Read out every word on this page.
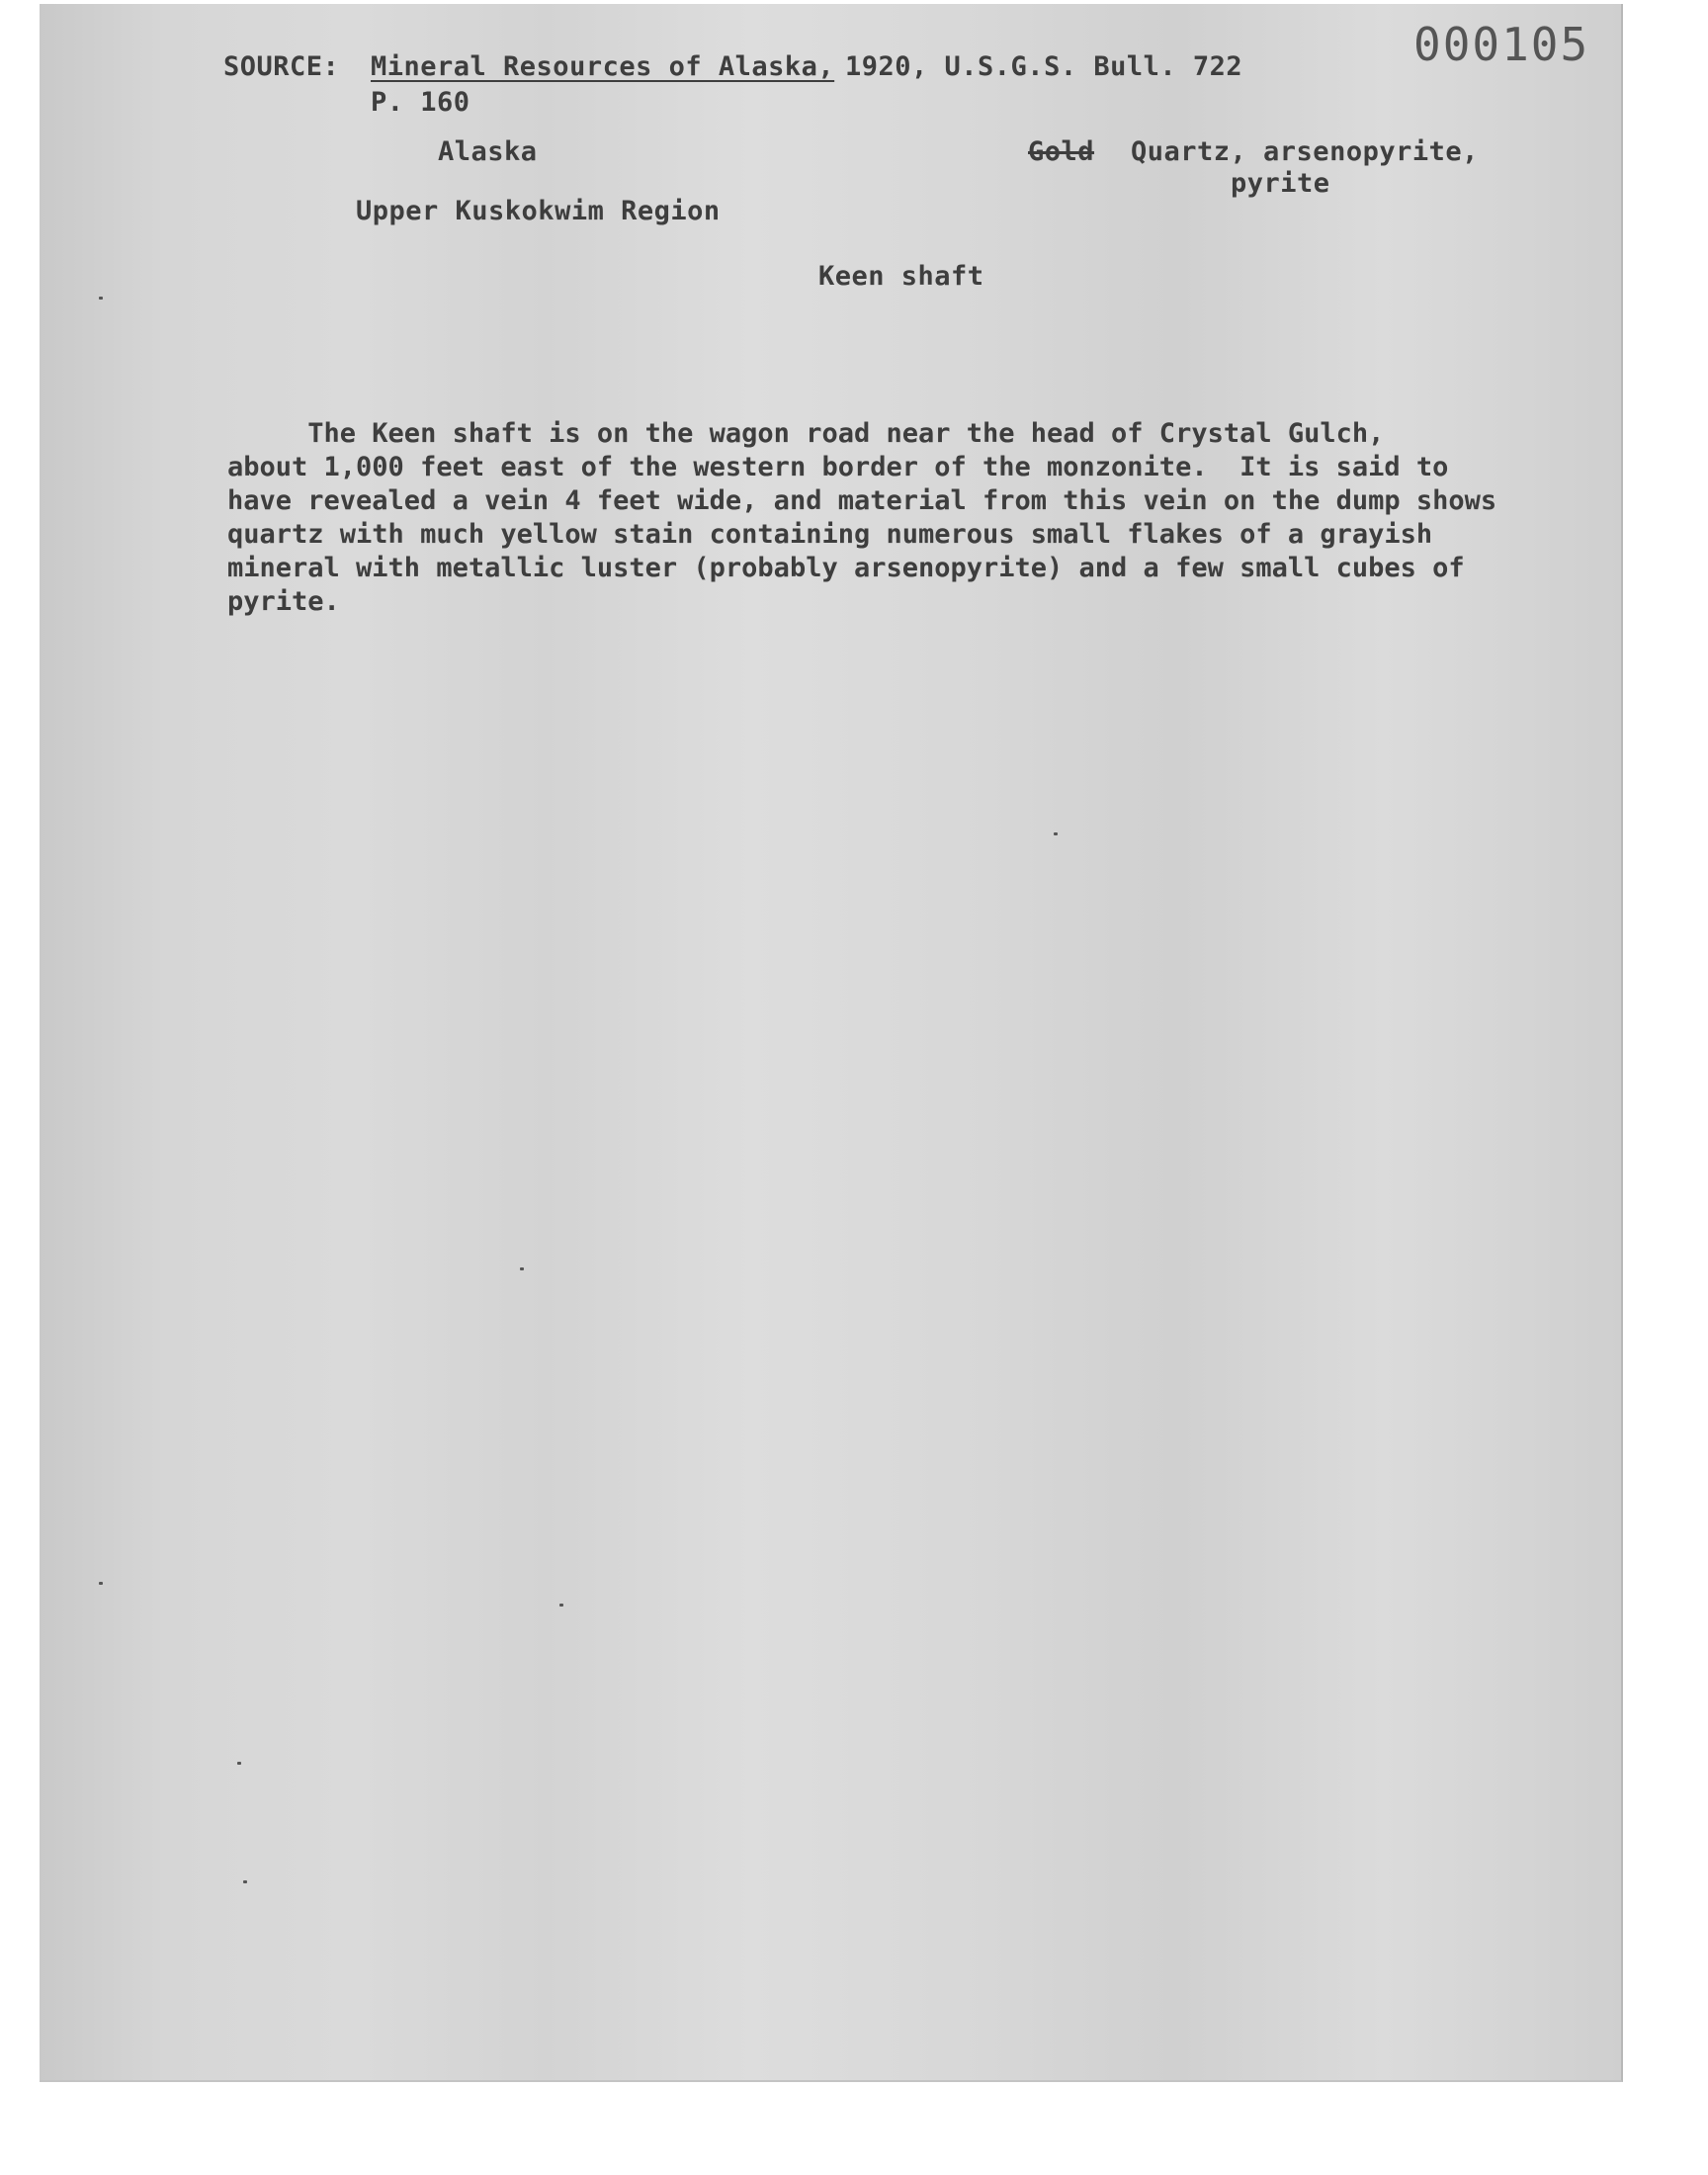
000105
SOURCE: Mineral Resources of Alaska, 1920, U.S.G.S. Bull. 722
P. 160
Alaska
Upper Kuskokwim Region
Gold Quartz, arsenopyrite,
pyrite
Keen shaft

The Keen shaft is on the wagon road near the head of Crystal Gulch,

about 1,000 feet east of the western border of the monzonite.  It is said to

have revealed a vein 4 feet wide, and material from this vein on the dump shows

quartz with much yellow stain containing numerous small flakes of a grayish

mineral with metallic luster (probably arsenopyrite) and a few small cubes of

pyrite.
